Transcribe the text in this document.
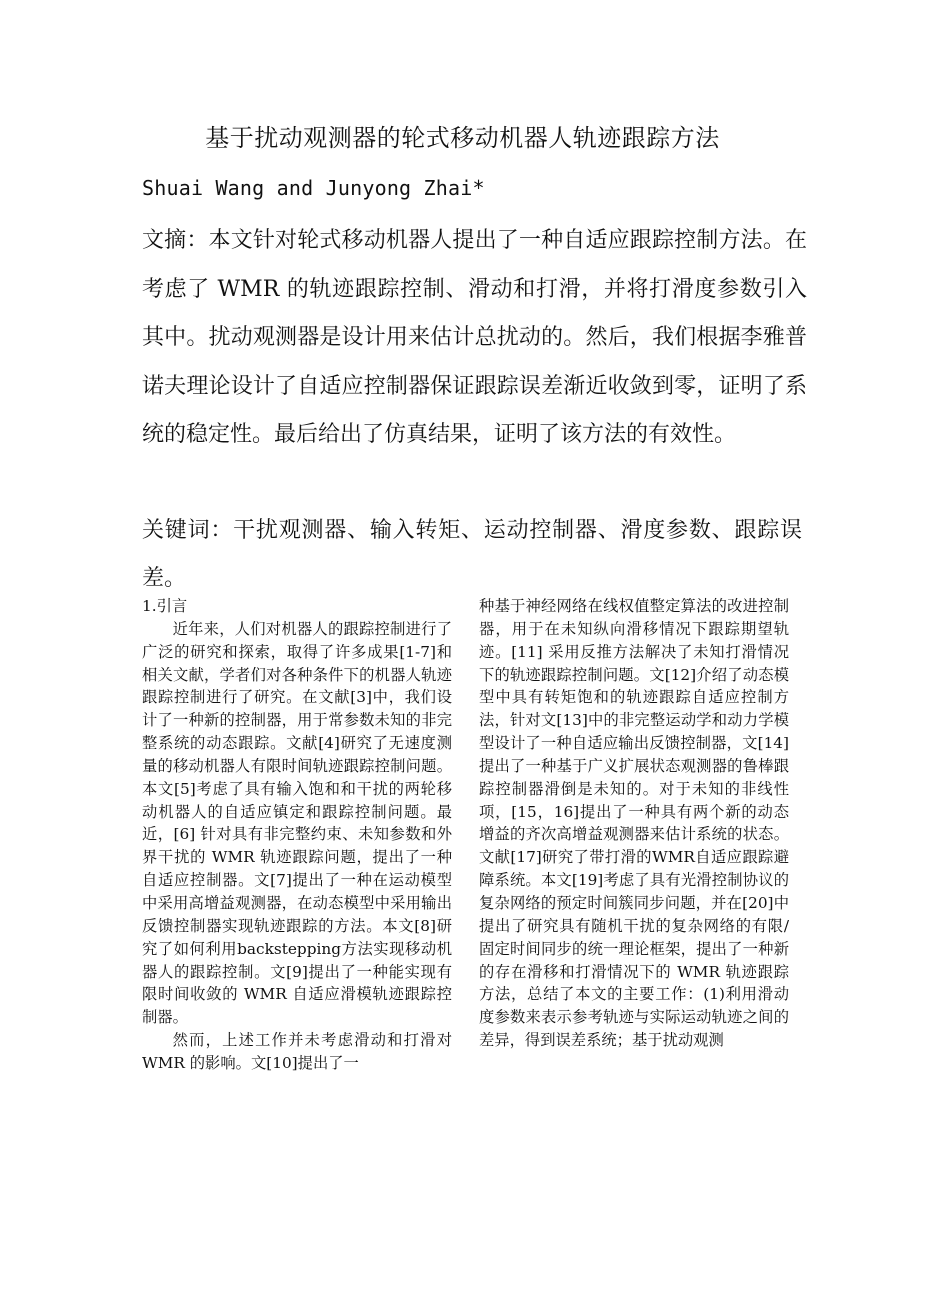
基于扰动观测器的轮式移动机器人轨迹跟踪方法
Shuai Wang and Junyong Zhai*

文摘：本文针对轮式移动机器人提出了一种自适应跟踪控制方法。在考虑了 WMR 的轨迹跟踪控制、滑动和打滑，并将打滑度参数引入其中。扰动观测器是设计用来估计总扰动的。然后，我们根据李雅普诺夫理论设计了自适应控制器保证跟踪误差渐近收敛到零，证明了系统的稳定性。最后给出了仿真结果，证明了该方法的有效性。

关键词：干扰观测器、输入转矩、运动控制器、滑度参数、跟踪误差。

1.引言

近年来，人们对机器人的跟踪控制进行了广泛的研究和探索，取得了许多成果[1-7]和相关文献，学者们对各种条件下的机器人轨迹跟踪控制进行了研究。在文献[3]中，我们设计了一种新的控制器，用于常参数未知的非完整系统的动态跟踪。文献[4]研究了无速度测量的移动机器人有限时间轨迹跟踪控制问题。本文[5]考虑了具有输入饱和和干扰的两轮移动机器人的自适应镇定和跟踪控制问题。最近，[6] 针对具有非完整约束、未知参数和外界干扰的 WMR 轨迹跟踪问题，提出了一种自适应控制器。文[7]提出了一种在运动模型中采用高增益观测器，在动态模型中采用输出反馈控制器实现轨迹跟踪的方法。本文[8]研究了如何利用backstepping方法实现移动机器人的跟踪控制。文[9]提出了一种能实现有限时间收敛的 WMR 自适应滑模轨迹跟踪控制器。

然而，上述工作并未考虑滑动和打滑对 WMR 的影响。文[10]提出了一

种基于神经网络在线权值整定算法的改进控制器，用于在未知纵向滑移情况下跟踪期望轨迹。[11] 采用反推方法解决了未知打滑情况下的轨迹跟踪控制问题。文[12]介绍了动态模型中具有转矩饱和的轨迹跟踪自适应控制方法，针对文[13]中的非完整运动学和动力学模型设计了一种自适应输出反馈控制器，文[14]提出了一种基于广义扩展状态观测器的鲁棒跟踪控制器滑倒是未知的。对于未知的非线性项，[15，16]提出了一种具有两个新的动态增益的齐次高增益观测器来估计系统的状态。文献[17]研究了带打滑的WMR自适应跟踪避障系统。本文[19]考虑了具有光滑控制协议的复杂网络的预定时间簇同步问题，并在[20]中提出了研究具有随机干扰的复杂网络的有限/固定时间同步的统一理论框架，提出了一种新的存在滑移和打滑情况下的 WMR 轨迹跟踪方法，总结了本文的主要工作：(1)利用滑动度参数来表示参考轨迹与实际运动轨迹之间的差异，得到误差系统；基于扰动观测
